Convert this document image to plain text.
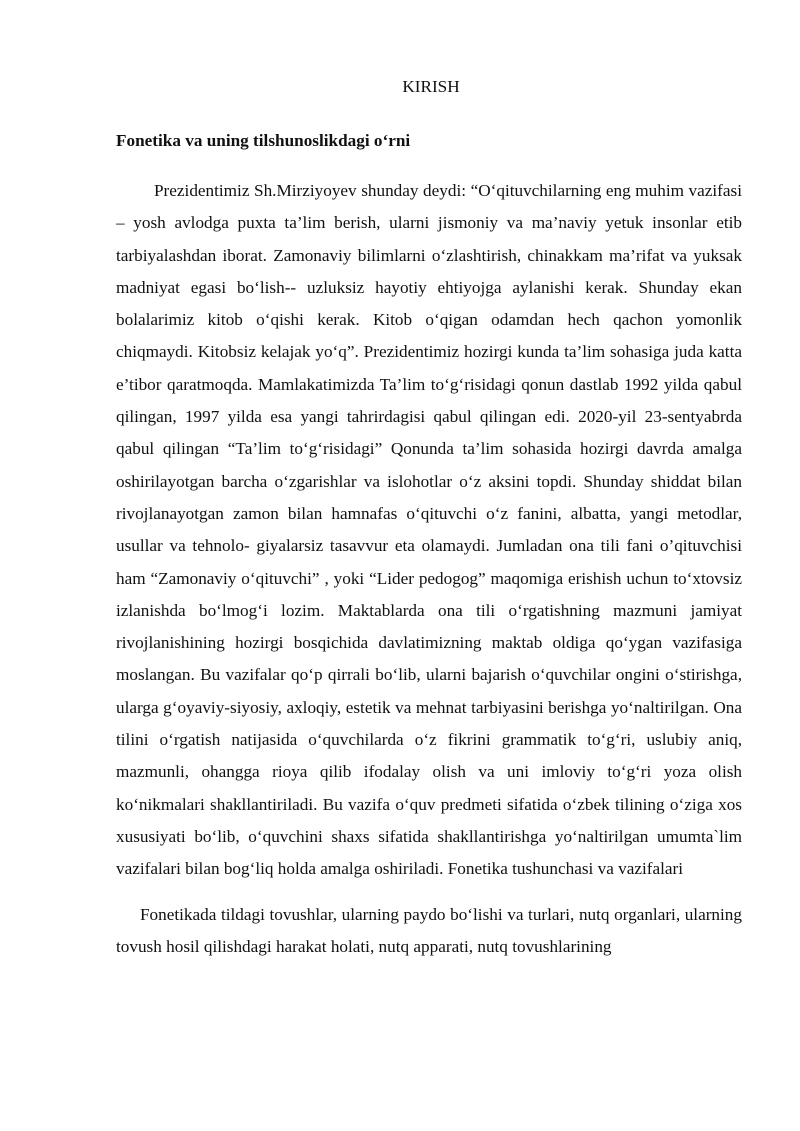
KIRISH
Fonetika va uning tilshunoslikdagi o‘rni

Prezidentimiz Sh.Mirziyoyev shunday deydi: “O‘qituvchilarning eng muhim vazifasi – yosh avlodga puxta ta’lim berish, ularni jismoniy va ma’naviy yetuk insonlar etib tarbiyalashdan iborat. Zamonaviy bilimlarni o‘zlashtirish, chinakkam ma’rifat va yuksak madniyat egasi bo‘lish-- uzluksiz hayotiy ehtiyojga aylanishi kerak. Shunday ekan bolalarimiz kitob o‘qishi kerak. Kitob o‘qigan odamdan hech qachon yomonlik chiqmaydi. Kitobsiz kelajak yo‘q”. Prezidentimiz hozirgi kunda ta’lim sohasiga juda katta e’tibor qaratmoqda. Mamlakatimizda Ta’lim to‘g‘risidagi qonun dastlab 1992 yilda qabul qilingan, 1997 yilda esa yangi tahrirdagisi qabul qilingan edi. 2020-yil 23-sentyabrda qabul qilingan “Ta’lim to‘g‘risidagi” Qonunda ta’lim sohasida hozirgi davrda amalga oshirilayotgan barcha o‘zgarishlar va islohotlar o‘z aksini topdi. Shunday shiddat bilan rivojlanayotgan zamon bilan hamnafas o‘qituvchi o‘z fanini, albatta, yangi metodlar, usullar va tehnolo- giyalarsiz tasavvur eta olamaydi. Jumladan ona tili fani o’qituvchisi ham “Zamonaviy o‘qituvchi” , yoki “Lider pedogog” maqomiga erishish uchun to‘xtovsiz izlanishda bo‘lmog‘i lozim. Maktablarda ona tili o‘rgatishning mazmuni jamiyat rivojlanishining hozirgi bosqichida davlatimizning maktab oldiga qo‘ygan vazifasiga moslangan. Bu vazifalar qo‘p qirrali bo‘lib, ularni bajarish o‘quvchilar ongini o‘stirishga, ularga g‘oyaviy-siyosiy, axloqiy, estetik va mehnat tarbiyasini berishga yo‘naltirilgan. Ona tilini o‘rgatish natijasida o‘quvchilarda o‘z fikrini grammatik to‘g‘ri, uslubiy aniq, mazmunli, ohangga rioya qilib ifodalay olish va uni imloviy to‘g‘ri yoza olish ko‘nikmalari shakllantiriladi. Bu vazifa o‘quv predmeti sifatida o‘zbek tilining o‘ziga xos xususiyati bo‘lib, o‘quvchini shaxs sifatida shakllantirishga yo‘naltirilgan umumta`lim vazifalari bilan bog‘liq holda amalga oshiriladi. Fonetika tushunchasi va vazifalari

Fonetikada tildagi tovushlar, ularning paydo bo‘lishi va turlari, nutq organlari, ularning tovush hosil qilishdagi harakat holati, nutq apparati, nutq tovushlarining
